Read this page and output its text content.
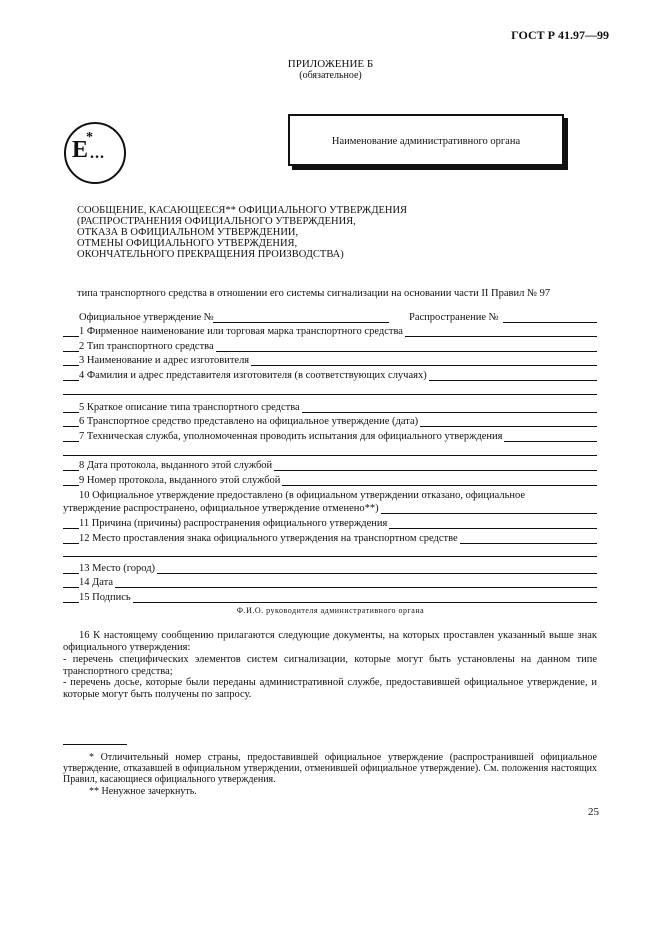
ГОСТ Р 41.97—99
ПРИЛОЖЕНИЕ Б
(обязательное)
E
*
...
Наименование административного органа
СООБЩЕНИЕ, КАСАЮЩЕЕСЯ** ОФИЦИАЛЬНОГО УТВЕРЖДЕНИЯ
(РАСПРОСТРАНЕНИЯ ОФИЦИАЛЬНОГО УТВЕРЖДЕНИЯ,
ОТКАЗА В ОФИЦИАЛЬНОМ УТВЕРЖДЕНИИ,
ОТМЕНЫ ОФИЦИАЛЬНОГО УТВЕРЖДЕНИЯ,
ОКОНЧАТЕЛЬНОГО ПРЕКРАЩЕНИЯ ПРОИЗВОДСТВА)
типа транспортного средства в отношении его системы сигнализации на основании части II Правил № 97
Официальное утверждение №	Распространение №
1 Фирменное наименование или торговая марка транспортного средства
2 Тип транспортного средства
3 Наименование и адрес изготовителя
4 Фамилия и адрес представителя изготовителя (в соответствующих случаях)
5 Краткое описание типа транспортного средства
6 Транспортное средство представлено на официальное утверждение (дата)
7 Техническая служба, уполномоченная проводить испытания для официального утверждения
8 Дата протокола, выданного этой службой
9 Номер протокола, выданного этой службой
10 Официальное утверждение предоставлено (в официальном утверждении отказано, официальное
утверждение распространено, официальное утверждение отменено**)
11 Причина (причины) распространения официального утверждения
12 Место проставления знака официального утверждения на транспортном средстве
13 Место (город)
14 Дата
15 Подпись
Ф.И.О. руководителя административного органа
16 К настоящему сообщению прилагаются следующие документы, на которых проставлен указанный выше знак официального утверждения:
- перечень специфических элементов систем сигнализации, которые могут быть установлены на данном типе транспортного средства;
- перечень досье, которые были переданы административной службе, предоставившей официальное утверждение, и которые могут быть получены по запросу.
* Отличительный номер страны, предоставившей официальное утверждение (распространившей официальное утверждение, отказавшей в официальном утверждении, отменившей официальное утверждение). См. положения настоящих Правил, касающиеся официального утверждения.
** Ненужное зачеркнуть.
25
